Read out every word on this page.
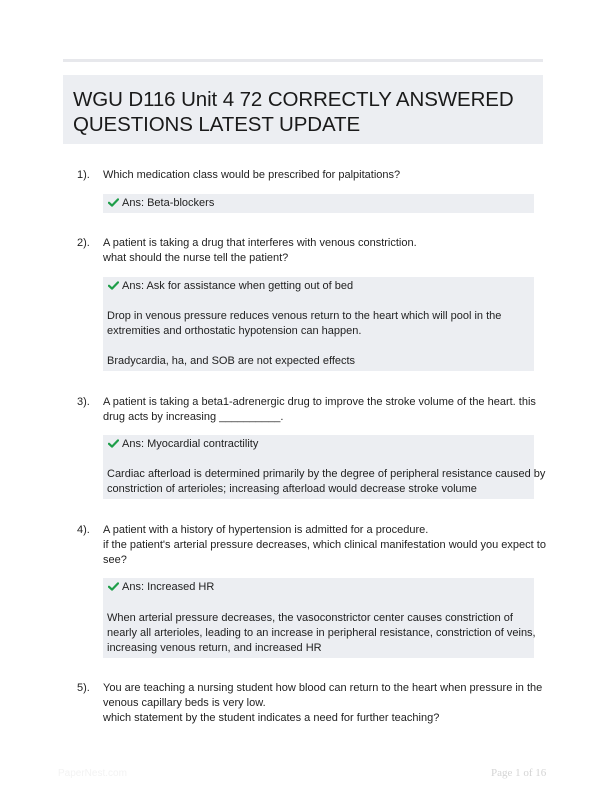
WGU D116 Unit 4 72 CORRECTLY ANSWERED
QUESTIONS LATEST UPDATE
1). Which medication class would be prescribed for palpitations?
Ans: Beta-blockers
2). A patient is taking a drug that interferes with venous constriction.
what should the nurse tell the patient?
Ans: Ask for assistance when getting out of bed
Drop in venous pressure reduces venous return to the heart which will pool in the
extremities and orthostatic hypotension can happen.
Bradycardia, ha, and SOB are not expected effects
3). A patient is taking a beta1-adrenergic drug to improve the stroke volume of the heart. this
drug acts by increasing __________.
Ans: Myocardial contractility
Cardiac afterload is determined primarily by the degree of peripheral resistance caused by
constriction of arterioles; increasing afterload would decrease stroke volume
4). A patient with a history of hypertension is admitted for a procedure.
if the patient's arterial pressure decreases, which clinical manifestation would you expect to
see?
Ans: Increased HR
When arterial pressure decreases, the vasoconstrictor center causes constriction of
nearly all arterioles, leading to an increase in peripheral resistance, constriction of veins,
increasing venous return, and increased HR
5). You are teaching a nursing student how blood can return to the heart when pressure in the
venous capillary beds is very low.
which statement by the student indicates a need for further teaching?
PaperNest.com	Page 1 of 16
